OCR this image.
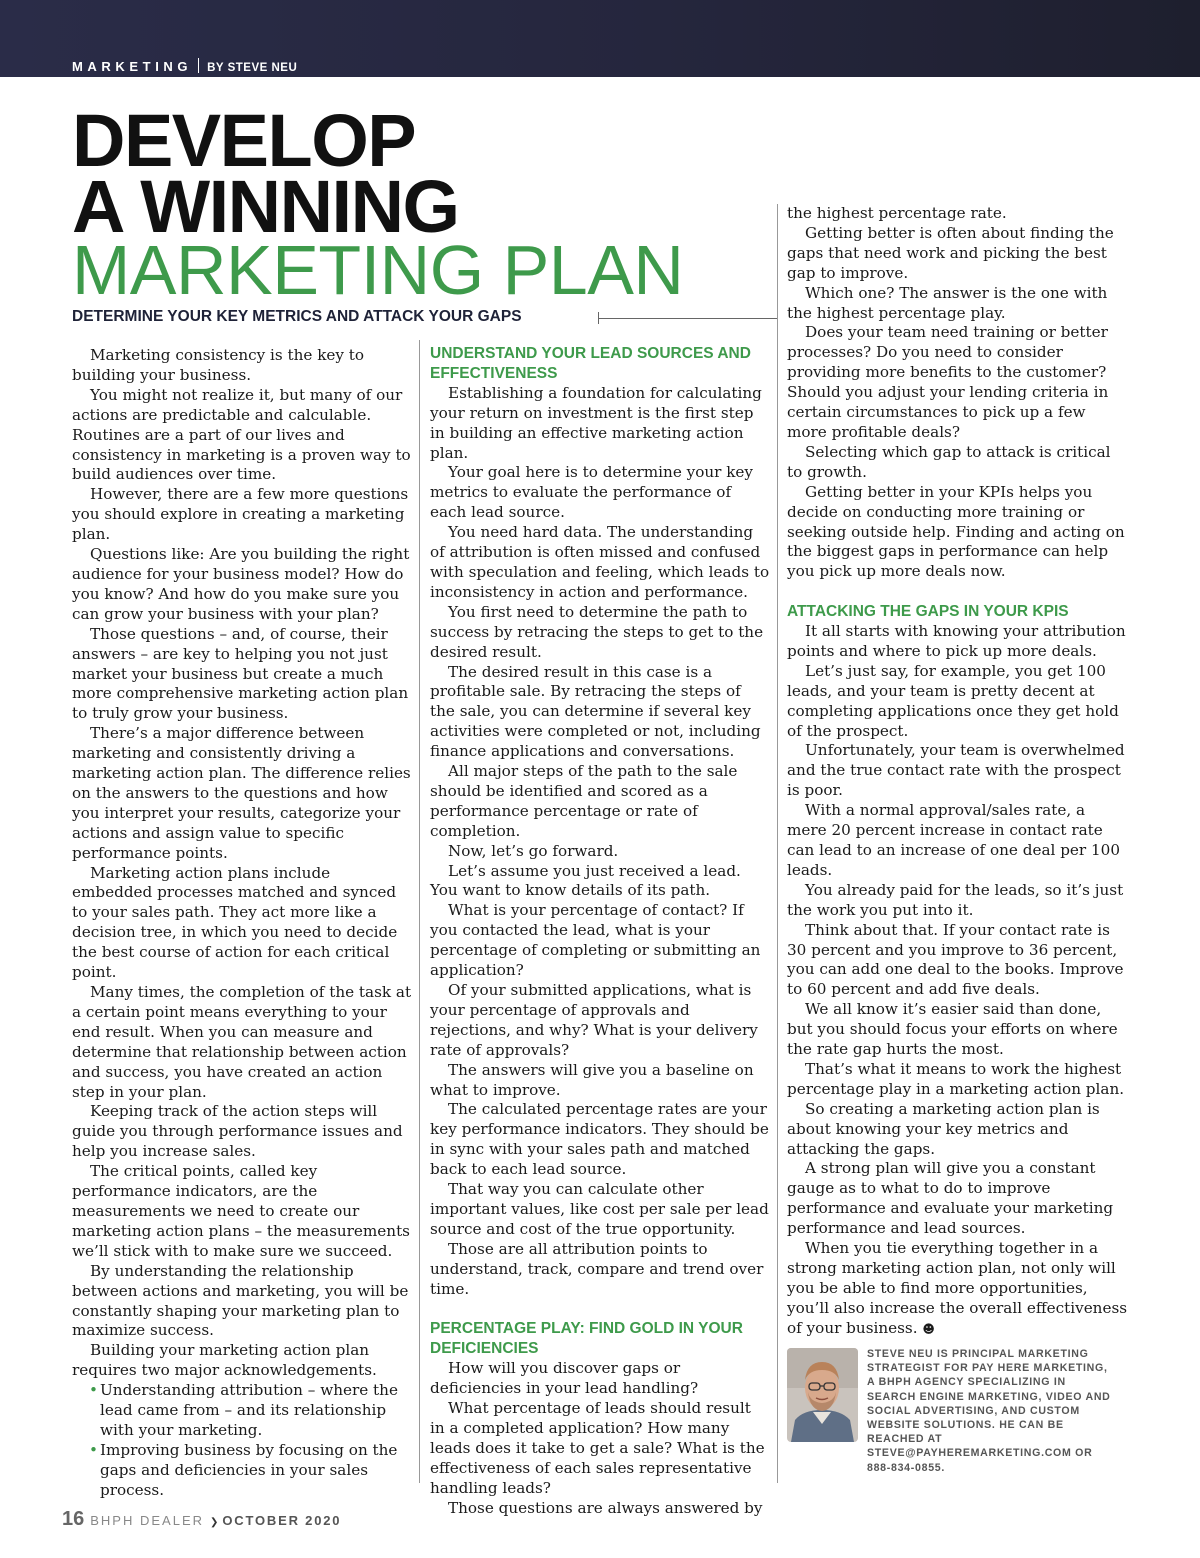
MARKETING BY STEVE NEU
DEVELOP
A WINNING
MARKETING PLAN
DETERMINE YOUR KEY METRICS AND ATTACK YOUR GAPS

Marketing consistency is the key to building your business.

You might not realize it, but many of our actions are predictable and calculable. Routines are a part of our lives and consistency in marketing is a proven way to build audiences over time.

However, there are a few more questions you should explore in creating a marketing plan.

Questions like: Are you building the right audience for your business model? How do you know? And how do you make sure you can grow your business with your plan?

Those questions – and, of course, their answers – are key to helping you not just market your business but create a much more comprehensive marketing action plan to truly grow your business.

There’s a major difference between marketing and consistently driving a marketing action plan. The difference relies on the answers to the questions and how you interpret your results, categorize your actions and assign value to specific performance points.

Marketing action plans include embedded processes matched and synced to your sales path. They act more like a decision tree, in which you need to decide the best course of action for each critical point.

Many times, the completion of the task at a certain point means everything to your end result. When you can measure and determine that relationship between action and success, you have created an action step in your plan.

Keeping track of the action steps will guide you through performance issues and help you increase sales.

The critical points, called key performance indicators, are the measurements we need to create our marketing action plans – the measurements we’ll stick with to make sure we succeed.

By understanding the relationship between actions and marketing, you will be constantly shaping your marketing plan to maximize success.

Building your marketing action plan requires two major acknowledgements.

• Understanding attribution – where the lead came from – and its relationship with your marketing.
• Improving business by focusing on the gaps and deficiencies in your sales process.

UNDERSTAND YOUR LEAD SOURCES AND EFFECTIVENESS

Establishing a foundation for calculating your return on investment is the first step in building an effective marketing action plan.

Your goal here is to determine your key metrics to evaluate the performance of each lead source.

You need hard data. The understanding of attribution is often missed and confused with speculation and feeling, which leads to inconsistency in action and performance.

You first need to determine the path to success by retracing the steps to get to the desired result.

The desired result in this case is a profitable sale. By retracing the steps of the sale, you can determine if several key activities were completed or not, including finance applications and conversations.

All major steps of the path to the sale should be identified and scored as a performance percentage or rate of completion.

Now, let’s go forward.

Let’s assume you just received a lead. You want to know details of its path.

What is your percentage of contact? If you contacted the lead, what is your percentage of completing or submitting an application?

Of your submitted applications, what is your percentage of approvals and rejections, and why? What is your delivery rate of approvals?

The answers will give you a baseline on what to improve.

The calculated percentage rates are your key performance indicators. They should be in sync with your sales path and matched back to each lead source.

That way you can calculate other important values, like cost per sale per lead source and cost of the true opportunity.

Those are all attribution points to understand, track, compare and trend over time.

PERCENTAGE PLAY: FIND GOLD IN YOUR DEFICIENCIES

How will you discover gaps or deficiencies in your lead handling?

What percentage of leads should result in a completed application? How many leads does it take to get a sale? What is the effectiveness of each sales representative handling leads?

Those questions are always answered by

the highest percentage rate.

Getting better is often about finding the gaps that need work and picking the best gap to improve.

Which one? The answer is the one with the highest percentage play.

Does your team need training or better processes? Do you need to consider providing more benefits to the customer? Should you adjust your lending criteria in certain circumstances to pick up a few more profitable deals?

Selecting which gap to attack is critical to growth.

Getting better in your KPIs helps you decide on conducting more training or seeking outside help. Finding and acting on the biggest gaps in performance can help you pick up more deals now.

ATTACKING THE GAPS IN YOUR KPIS

It all starts with knowing your attribution points and where to pick up more deals.

Let’s just say, for example, you get 100 leads, and your team is pretty decent at completing applications once they get hold of the prospect.

Unfortunately, your team is overwhelmed and the true contact rate with the prospect is poor.

With a normal approval/sales rate, a mere 20 percent increase in contact rate can lead to an increase of one deal per 100 leads.

You already paid for the leads, so it’s just the work you put into it.

Think about that. If your contact rate is 30 percent and you improve to 36 percent, you can add one deal to the books. Improve to 60 percent and add five deals.

We all know it’s easier said than done, but you should focus your efforts on where the rate gap hurts the most.

That’s what it means to work the highest percentage play in a marketing action plan.

So creating a marketing action plan is about knowing your key metrics and attacking the gaps.

A strong plan will give you a constant gauge as to what to do to improve performance and evaluate your marketing performance and lead sources.

When you tie everything together in a strong marketing action plan, not only will you be able to find more opportunities, you’ll also increase the overall effectiveness of your business. ☻

STEVE NEU IS PRINCIPAL MARKETING STRATEGIST FOR PAY HERE MARKETING, A BHPH AGENCY SPECIALIZING IN SEARCH ENGINE MARKETING, VIDEO AND SOCIAL ADVERTISING, AND CUSTOM WEBSITE SOLUTIONS. HE CAN BE REACHED AT STEVE@PAYHEREMARKETING.COM OR 888-834-0855.
16 BHPH DEALER ❯ OCTOBER 2020
